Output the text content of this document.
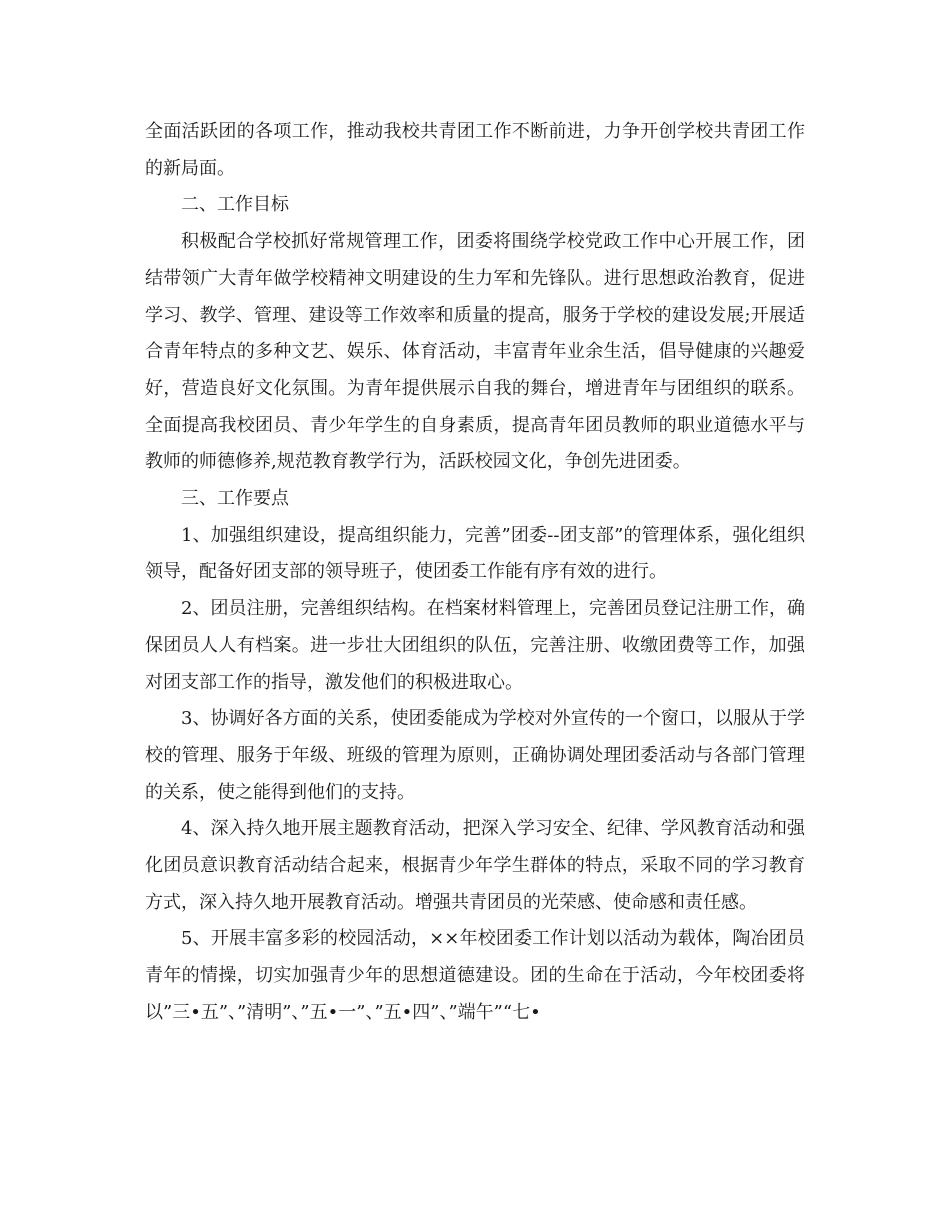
全面活跃团的各项工作，推动我校共青团工作不断前进，力争开创学校共青团工作的新局面。

二、工作目标

积极配合学校抓好常规管理工作，团委将围绕学校党政工作中心开展工作，团结带领广大青年做学校精神文明建设的生力军和先锋队。进行思想政治教育，促进学习、教学、管理、建设等工作效率和质量的提高，服务于学校的建设发展;开展适合青年特点的多种文艺、娱乐、体育活动，丰富青年业余生活，倡导健康的兴趣爱好，营造良好文化氛围。为青年提供展示自我的舞台，增进青年与团组织的联系。全面提高我校团员、青少年学生的自身素质，提高青年团员教师的职业道德水平与教师的师德修养,规范教育教学行为，活跃校园文化，争创先进团委。

三、工作要点

1、加强组织建设，提高组织能力，完善”团委--团支部”的管理体系，强化组织领导，配备好团支部的领导班子，使团委工作能有序有效的进行。

2、团员注册，完善组织结构。在档案材料管理上，完善团员登记注册工作，确保团员人人有档案。进一步壮大团组织的队伍，完善注册、收缴团费等工作，加强对团支部工作的指导，激发他们的积极进取心。

3、协调好各方面的关系，使团委能成为学校对外宣传的一个窗口，以服从于学校的管理、服务于年级、班级的管理为原则，正确协调处理团委活动与各部门管理的关系，使之能得到他们的支持。

4、深入持久地开展主题教育活动，把深入学习安全、纪律、学风教育活动和强化团员意识教育活动结合起来，根据青少年学生群体的特点，采取不同的学习教育方式，深入持久地开展教育活动。增强共青团员的光荣感、使命感和责任感。

5、开展丰富多彩的校园活动，××年校团委工作计划以活动为载体，陶冶团员青年的情操，切实加强青少年的思想道德建设。团的生命在于活动，今年校团委将以”三•五”、”清明”、”五•一”、”五•四”、”端午”“七•
